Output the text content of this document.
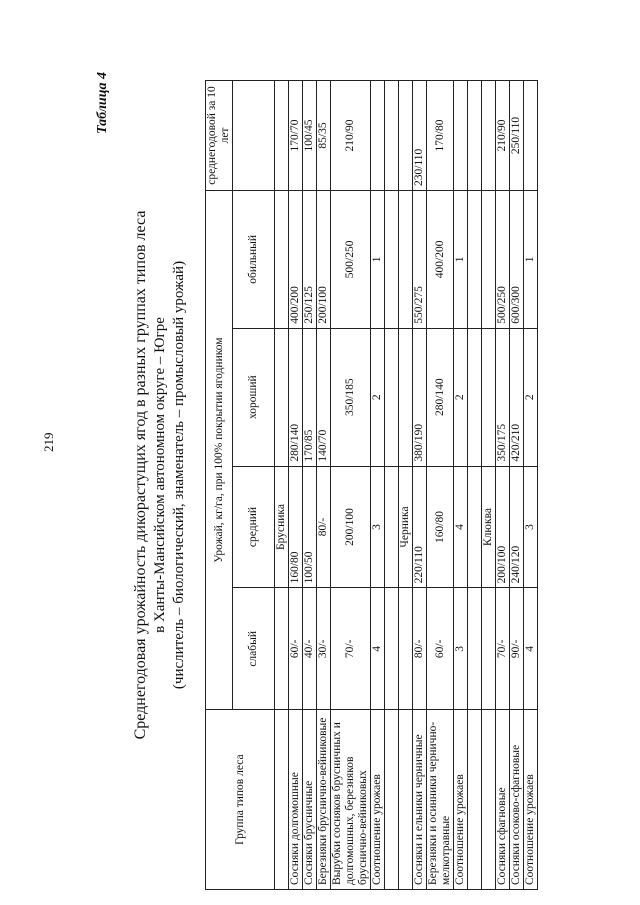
219
Таблица 4
Среднегодовая урожайность дикорастущих ягод в разных группах типов леса в Ханты-Мансийском автономном округе – Югре (числитель – биологический, знаменатель – промысловый урожай)
Группа типов леса	Урожай, кг/га, при 100% покрытии ягодником				среднегодовой за 10 лет
	слабый	средний	хороший	обильный	
		Брусника			
Сосняки долгомошные	60/-	160/80	280/140	400/200	170/70
Сосняки брусничные	40/-	100/50	170/85	250/125	100/45
Березняки бруснично-вейниковые	30/-	80/-	140/70	200/100	85/35
Вырубки сосняков брусничных и долгомошных, березняков бруснично-вейниковых	70/-	200/100	350/185	500/250	210/90
Соотношение урожаев	4	3	2	1	

		Черника			
Сосняки и ельники черничные	80/-	220/110	380/190	550/275	230/110
Березняки и осинники чернично-мелкотравные	60/-	160/80	280/140	400/200	170/80
Соотношение урожаев	3	4	2	1	

		Клюква			
Сосняки сфагновые	70/-	200/100	350/175	500/250	210/90
Сосняки осоково-сфагновые	90/-	240/120	420/210	600/300	250/110
Соотношение урожаев	4	3	2	1	
